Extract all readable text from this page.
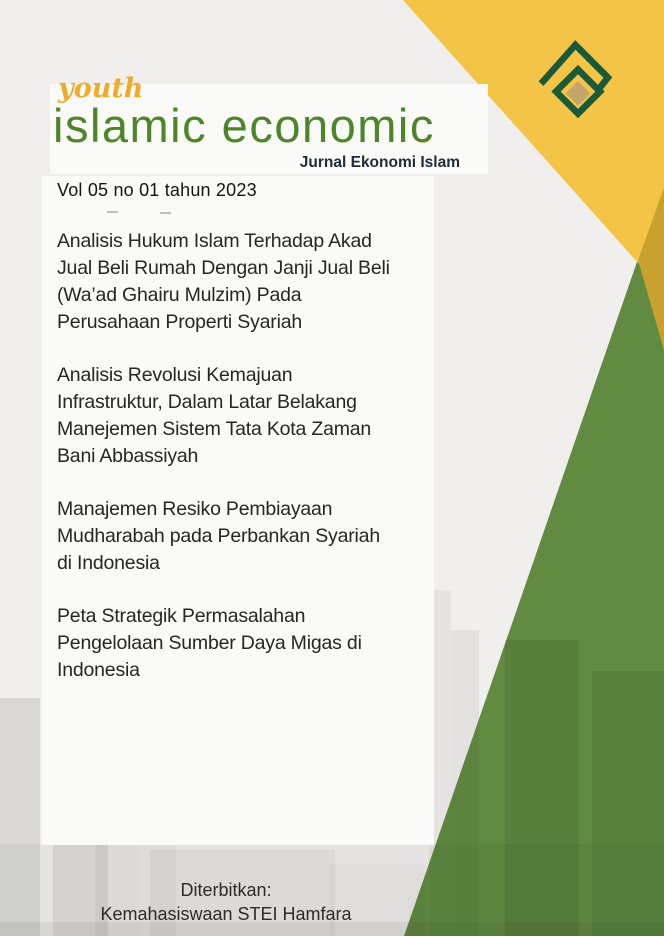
youth
islamic economic
Jurnal Ekonomi Islam
Vol 05 no 01 tahun 2023

Analisis Hukum Islam Terhadap Akad
Jual Beli Rumah Dengan Janji Jual Beli
(Wa’ad Ghairu Mulzim) Pada
Perusahaan Properti Syariah

Analisis Revolusi Kemajuan
Infrastruktur, Dalam Latar Belakang
Manejemen Sistem Tata Kota Zaman
Bani Abbassiyah

Manajemen Resiko Pembiayaan
Mudharabah pada Perbankan Syariah
di Indonesia

Peta Strategik Permasalahan
Pengelolaan Sumber Daya Migas di
Indonesia

Diterbitkan:
Kemahasiswaan STEI Hamfara
